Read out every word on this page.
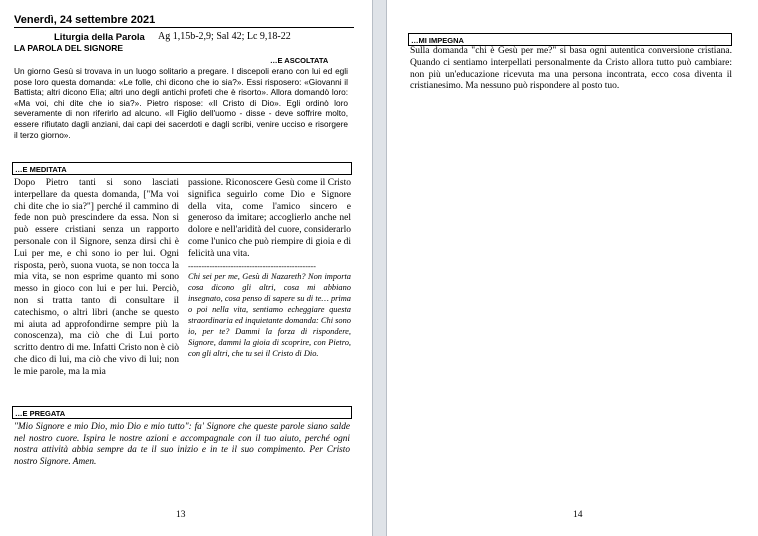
Venerdì, 24 settembre 2021
Liturgia della Parola Ag 1,15b-2,9; Sal 42; Lc 9,18-22
LA PAROLA DEL SIGNORE
…E ASCOLTATA
Un giorno Gesù si trovava in un luogo solitario a pregare. I discepoli erano con lui ed egli pose loro questa domanda: «Le folle, chi dicono che io sia?». Essi risposero: «Giovanni il Battista; altri dicono Elìa; altri uno degli antichi profeti che è risorto». Allora domandò loro: «Ma voi, chi dite che io sia?». Pietro rispose: «Il Cristo di Dio». Egli ordinò loro severamente di non riferirlo ad alcuno. «Il Figlio dell'uomo - disse - deve soffrire molto, essere rifiutato dagli anziani, dai capi dei sacerdoti e dagli scribi, venire ucciso e risorgere il terzo giorno».
…E MEDITATA

Dopo Pietro tanti si sono lasciati interpellare da questa domanda, ["Ma voi chi dite che io sia?"] perché il cammino di fede non può prescindere da essa. Non si può essere cristiani senza un rapporto personale con il Signore, senza dirsi chi è Lui per me, e chi sono io per lui. Ogni risposta, però, suona vuota, se non tocca la mia vita, se non esprime quanto mi sono messo in gioco con lui e per lui. Perciò, non si tratta tanto di consultare il catechismo, o altri libri (anche se questo mi aiuta ad approfondirne sempre più la conoscenza), ma ciò che di Lui porto scritto dentro di me. Infatti Cristo non è ciò che dico di lui, ma ciò che vivo di lui; non le mie parole, ma la mia

passione. Riconoscere Gesù come il Cristo significa seguirlo come Dio e Signore della vita, come l'amico sincero e generoso da imitare; accoglierlo anche nel dolore e nell'aridità del cuore, considerarlo come l'unico che può riempire di gioia e di felicità una vita.

------------------------------------------------

Chi sei per me, Gesù di Nazareth? Non importa cosa dicono gli altri, cosa mi abbiano insegnato, cosa penso di sapere su di te… prima o poi nella vita, sentiamo echeggiare questa straordinaria ed inquietante domanda: Chi sono io, per te? Dammi la forza di rispondere, Signore, dammi la gioia di scoprire, con Pietro, con gli altri, che tu sei il Cristo di Dio.

…E PREGATA
"Mio Signore e mio Dio, mio Dio e mio tutto": fa' Signore che queste parole siano salde nel nostro cuore. Ispira le nostre azioni e accompagnale con il tuo aiuto, perché ogni nostra attività abbia sempre da te il suo inizio e in te il suo compimento. Per Cristo nostro Signore. Amen.
13
…MI IMPEGNA
Sulla domanda "chi è Gesù per me?" si basa ogni autentica conversione cristiana. Quando ci sentiamo interpellati personalmente da Cristo allora tutto può cambiare: non più un'educazione ricevuta ma una persona incontrata, ecco cosa diventa il cristianesimo. Ma nessuno può rispondere al posto tuo.
14
